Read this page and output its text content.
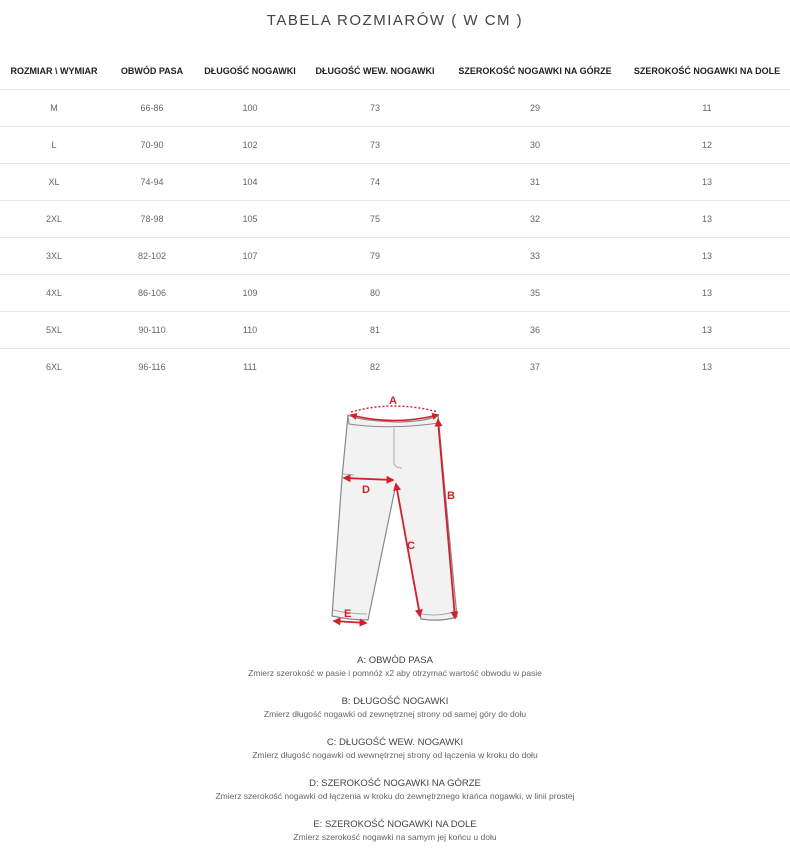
TABELA ROZMIARÓW ( W CM )
ROZMIAR \ WYMIAR	OBWÓD PASA	DŁUGOŚĆ NOGAWKI	DŁUGOŚĆ WEW. NOGAWKI	SZEROKOŚĆ NOGAWKI NA GÓRZE	SZEROKOŚĆ NOGAWKI NA DOLE
M	66-86	100	73	29	11
L	70-90	102	73	30	12
XL	74-94	104	74	31	13
2XL	78-98	105	75	32	13
3XL	82-102	107	79	33	13
4XL	86-106	109	80	35	13
5XL	90-110	110	81	36	13
6XL	96-116	111	82	37	13
A
B
C
D
E
A: OBWÓD PASA
Zmierz szerokość w pasie i pomnóż x2 aby otrzymać wartość obwodu w pasie
B: DŁUGOŚĆ NOGAWKI
Zmierz długość nogawki od zewnętrznej strony od samej góry do dołu
C: DŁUGOŚĆ WEW. NOGAWKI
Zmierz długość nogawki od wewnętrznej strony od łączenia w kroku do dołu
D: SZEROKOŚĆ NOGAWKI NA GÓRZE
Zmierz szerokość nogawki od łączenia w kroku do zewnętrznego krańca nogawki, w linii prostej
E: SZEROKOŚĆ NOGAWKI NA DOLE
Zmierz szerokość nogawki na samym jej końcu u dołu
